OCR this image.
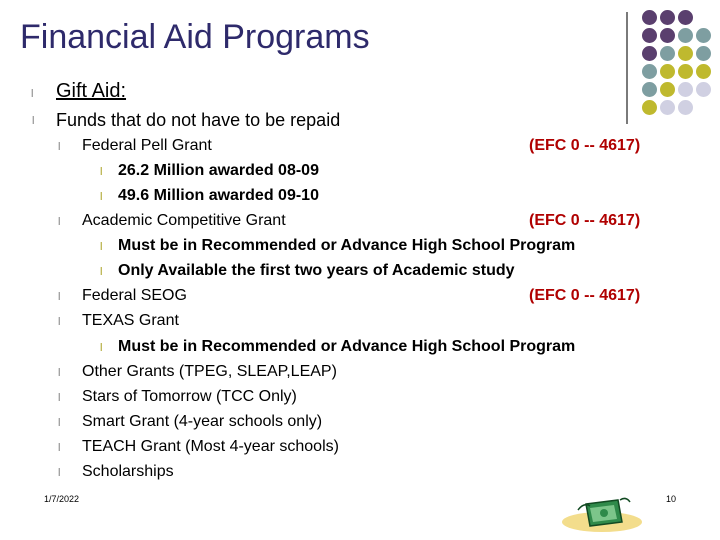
Financial Aid Programs
l Gift Aid:
l Funds that do not have to be repaid
l Federal Pell Grant	(EFC 0 -- 4617)
l 26.2 Million awarded 08-09
l 49.6 Million awarded 09-10
l Academic Competitive Grant	(EFC 0 -- 4617)
l Must be in Recommended or Advance High School Program
l Only Available the first two years of Academic study
l Federal SEOG	(EFC 0 -- 4617)
l TEXAS Grant
l Must be in Recommended or Advance High School Program
l Other Grants (TPEG, SLEAP,LEAP)
l Stars of Tomorrow (TCC Only)
l Smart Grant (4-year schools only)
l TEACH Grant (Most 4-year schools)
l Scholarships
1/7/2022	10
